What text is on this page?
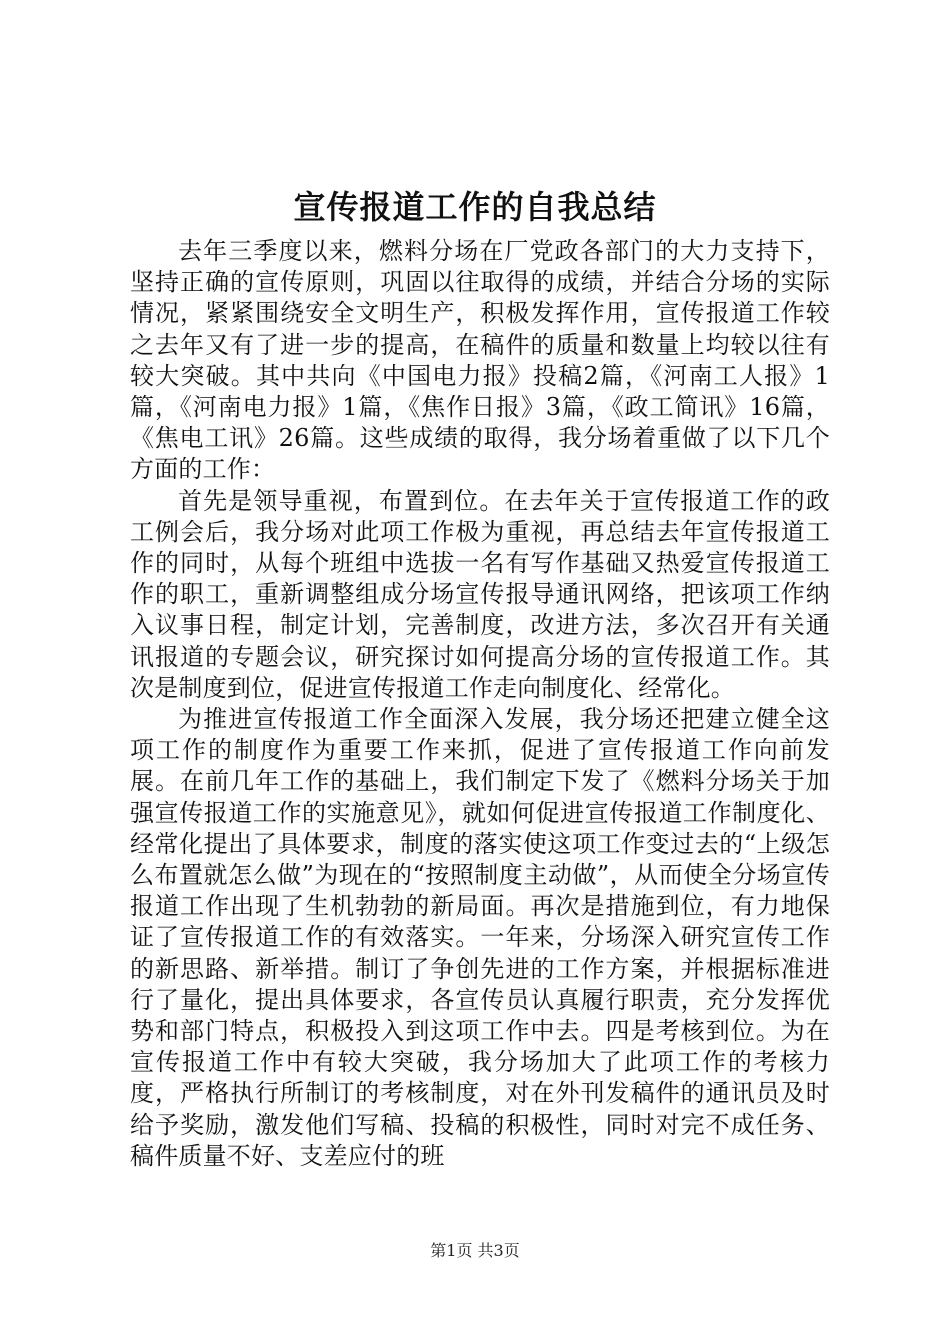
宣传报道工作的自我总结

去年三季度以来，燃料分场在厂党政各部门的大力支持下，坚持正确的宣传原则，巩固以往取得的成绩，并结合分场的实际情况，紧紧围绕安全文明生产，积极发挥作用，宣传报道工作较之去年又有了进一步的提高，在稿件的质量和数量上均较以往有较大突破。其中共向《中国电力报》投稿2篇，《河南工人报》1篇，《河南电力报》1篇，《焦作日报》3篇，《政工简讯》16篇，《焦电工讯》26篇。这些成绩的取得，我分场着重做了以下几个方面的工作：

首先是领导重视，布置到位。在去年关于宣传报道工作的政工例会后，我分场对此项工作极为重视，再总结去年宣传报道工作的同时，从每个班组中选拔一名有写作基础又热爱宣传报道工作的职工，重新调整组成分场宣传报导通讯网络，把该项工作纳入议事日程，制定计划，完善制度，改进方法，多次召开有关通讯报道的专题会议，研究探讨如何提高分场的宣传报道工作。其次是制度到位，促进宣传报道工作走向制度化、经常化。

为推进宣传报道工作全面深入发展，我分场还把建立健全这项工作的制度作为重要工作来抓，促进了宣传报道工作向前发展。在前几年工作的基础上，我们制定下发了《燃料分场关于加强宣传报道工作的实施意见》，就如何促进宣传报道工作制度化、经常化提出了具体要求，制度的落实使这项工作变过去的“上级怎么布置就怎么做”为现在的“按照制度主动做”，从而使全分场宣传报道工作出现了生机勃勃的新局面。再次是措施到位，有力地保证了宣传报道工作的有效落实。一年来，分场深入研究宣传工作的新思路、新举措。制订了争创先进的工作方案，并根据标准进行了量化，提出具体要求，各宣传员认真履行职责，充分发挥优势和部门特点，积极投入到这项工作中去。四是考核到位。为在宣传报道工作中有较大突破，我分场加大了此项工作的考核力度，严格执行所制订的考核制度，对在外刊发稿件的通讯员及时给予奖励，激发他们写稿、投稿的积极性，同时对完不成任务、稿件质量不好、支差应付的班

第1页 共3页
